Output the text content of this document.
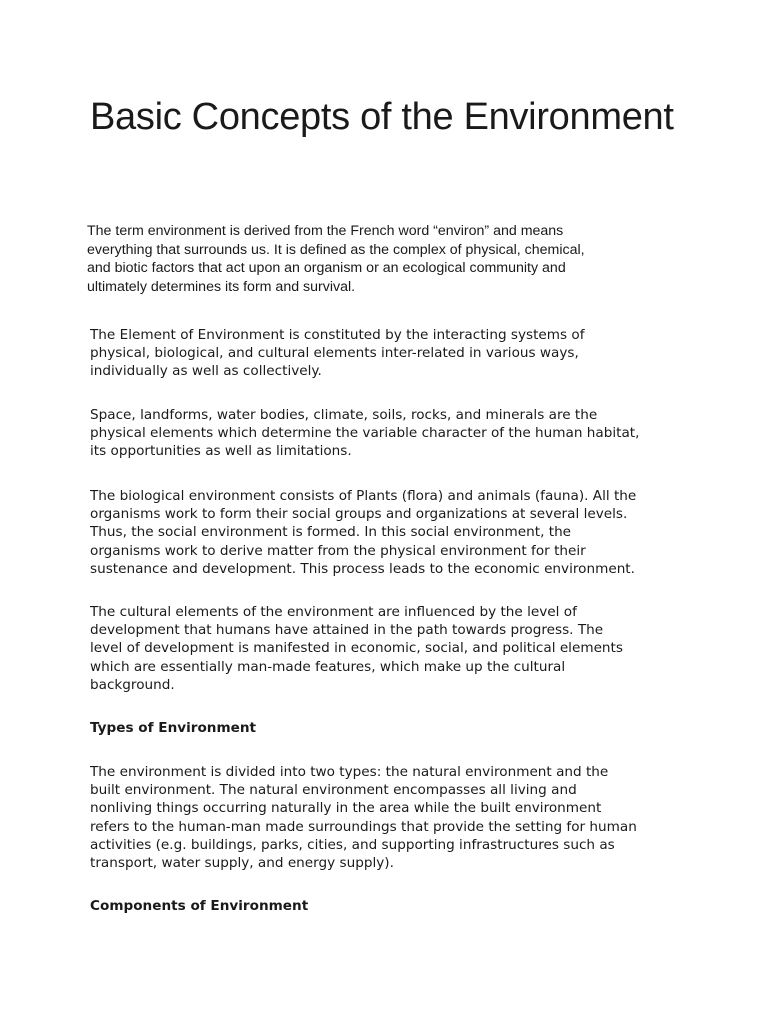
Basic Concepts of the Environment

The term environment is derived from the French word “environ” and means
everything that surrounds us. It is defined as the complex of physical, chemical,
and biotic factors that act upon an organism or an ecological community and
ultimately determines its form and survival.

The Element of Environment is constituted by the interacting systems of
physical, biological, and cultural elements inter-related in various ways,
individually as well as collectively.

Space, landforms, water bodies, climate, soils, rocks, and minerals are the
physical elements which determine the variable character of the human habitat,
its opportunities as well as limitations.

The biological environment consists of Plants (flora) and animals (fauna). All the
organisms work to form their social groups and organizations at several levels.
Thus, the social environment is formed. In this social environment, the
organisms work to derive matter from the physical environment for their
sustenance and development. This process leads to the economic environment.

The cultural elements of the environment are influenced by the level of
development that humans have attained in the path towards progress. The
level of development is manifested in economic, social, and political elements
which are essentially man-made features, which make up the cultural
background.

Types of Environment

The environment is divided into two types: the natural environment and the
built environment. The natural environment encompasses all living and
nonliving things occurring naturally in the area while the built environment
refers to the human-man made surroundings that provide the setting for human
activities (e.g. buildings, parks, cities, and supporting infrastructures such as
transport, water supply, and energy supply).

Components of Environment
